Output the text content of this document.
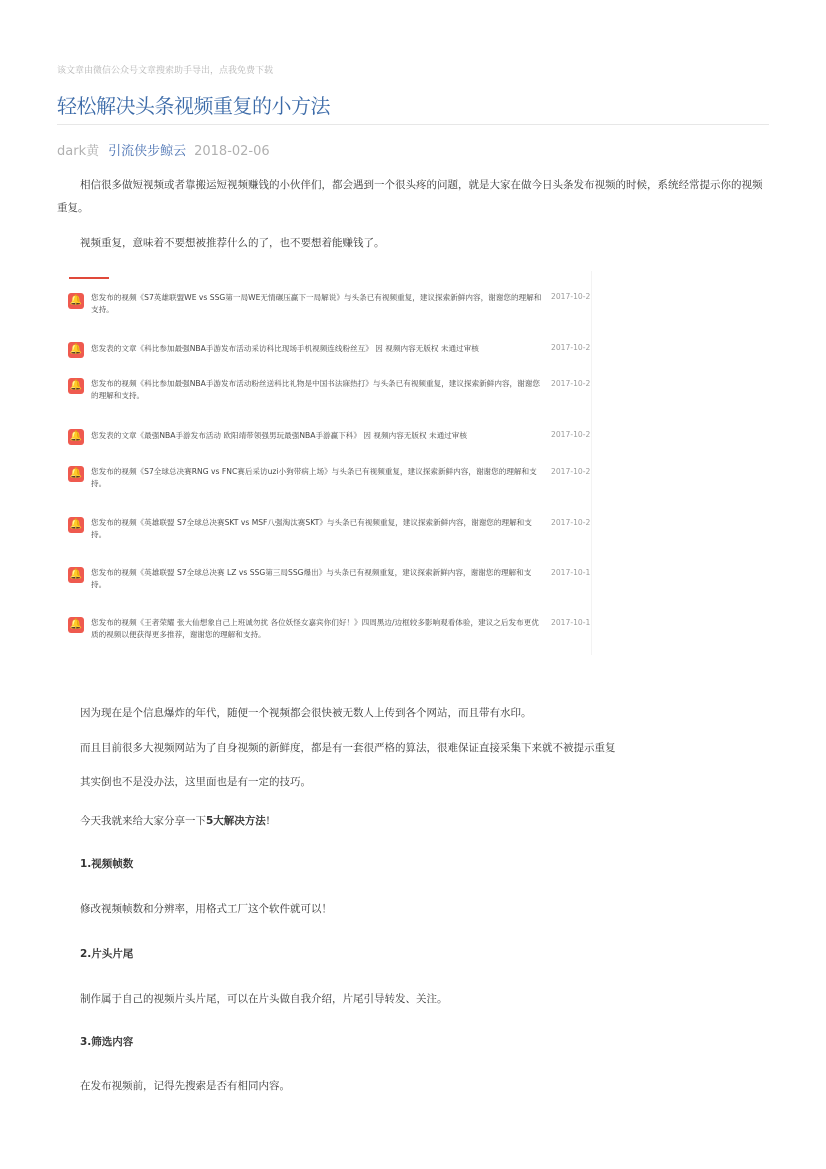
该文章由微信公众号文章搜索助手导出，点我免费下载
轻松解决头条视频重复的小方法
dark黄 引流侠步鲸云 2018-02-06

相信很多做短视频或者靠搬运短视频赚钱的小伙伴们，都会遇到一个很头疼的问题，就是大家在做今日头条发布视频的时候，系统经常提示你的视频重复。

视频重复，意味着不要想被推荐什么的了，也不要想着能赚钱了。

🔔 您发布的视频《S7英雄联盟WE vs SSG第一局WE无情碾压赢下一局解说》与头条已有视频重复，建议探索新鲜内容，谢谢您的理解和支持。
2017-10-2
🔔 您发表的文章《科比参加最强NBA手游发布活动采访科比现场手机视频连线粉丝互》 因 视频内容无版权 未通过审核	2017-10-2
🔔 您发布的视频《科比参加最强NBA手游发布活动粉丝送科比礼物是中国书法寐热打》与头条已有视频重复，建议探索新鲜内容，谢谢您的理解和支持。
2017-10-2
🔔 您发表的文章《最强NBA手游发布活动 欧阳靖带领强男玩最强NBA手游赢下科》 因 视频内容无版权 未通过审核	2017-10-2
🔔 您发布的视频《S7全球总决赛RNG vs FNC赛后采访uzi小狗带病上场》与头条已有视频重复，建议探索新鲜内容，谢谢您的理解和支持。
2017-10-2
🔔 您发布的视频《英雄联盟 S7全球总决赛SKT vs MSF八强淘汰赛SKT》与头条已有视频重复，建议探索新鲜内容，谢谢您的理解和支持。
2017-10-2
🔔 您发布的视频《英雄联盟 S7全球总决赛 LZ vs SSG第三局SSG爆出》与头条已有视频重复，建议探索新鲜内容，谢谢您的理解和支持。
2017-10-1
🔔 您发布的视频《王者荣耀 张大仙想象自己上班诚勿扰 各位妖怪女嘉宾你们好！》四周黑边/边框较多影响观看体验，建议之后发布更优质的视频以便获得更多推荐，谢谢您的理解和支持。
2017-10-1

因为现在是个信息爆炸的年代，随便一个视频都会很快被无数人上传到各个网站，而且带有水印。

而且目前很多大视频网站为了自身视频的新鲜度，都是有一套很严格的算法，很难保证直接采集下来就不被提示重复

其实倒也不是没办法，这里面也是有一定的技巧。

今天我就来给大家分享一下5大解决方法!

1.视频帧数

修改视频帧数和分辨率，用格式工厂这个软件就可以！

2.片头片尾

制作属于自己的视频片头片尾，可以在片头做自我介绍，片尾引导转发、关注。

3.筛选内容

在发布视频前，记得先搜索是否有相同内容。
